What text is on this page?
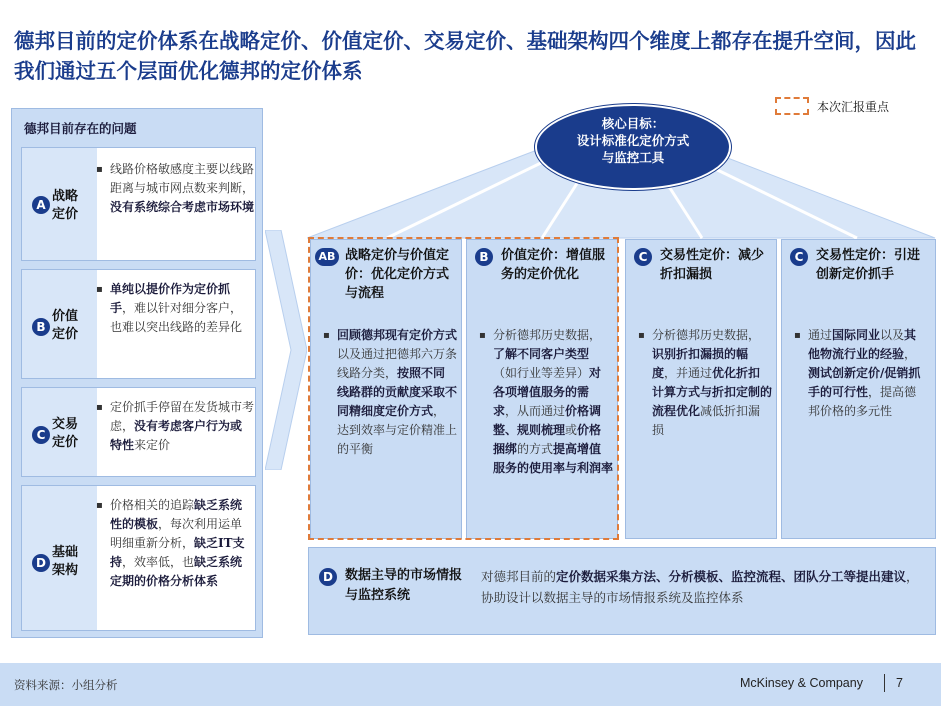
德邦目前的定价体系在战略定价、价值定价、交易定价、基础架构四个维度上都存在提升空间，因此我们通过五个层面优化德邦的定价体系
本次汇报重点
德邦目前存在的问题
A
战略定价
▪ 线路价格敏感度主要以线路距离与城市网点数来判断，没有系统综合考虑市场环境
B
价值定价
▪ 单纯以提价作为定价抓手，难以针对细分客户，也难以突出线路的差异化
C
交易定价
▪ 定价抓手停留在发货城市考虑，没有考虑客户行为或特性来定价
D
基础架构
▪ 价格相关的追踪缺乏系统性的模板，每次利用运单明细重新分析，缺乏IT支持，效率低，也缺乏系统定期的价格分析体系
核心目标：
设计标准化定价方式与监控工具
AB 战略定价与价值定价：优化定价方式与流程
▪ 回顾德邦现有定价方式以及通过把德邦六万条线路分类，按照不同线路群的贡献度采取不同精细度定价方式，达到效率与定价精准上的平衡
B 价值定价：增值服务的定价优化
▪ 分析德邦历史数据，了解不同客户类型（如行业等差异）对各项增值服务的需求，从而通过价格调整、规则梳理或价格捆绑的方式提高增值服务的使用率与利润率
C 交易性定价：减少折扣漏损
▪ 分析德邦历史数据，识别折扣漏损的幅度，并通过优化折扣计算方式与折扣定制的流程优化减低折扣漏损
C 交易性定价：引进创新定价抓手
▪ 通过国际同业以及其他物流行业的经验，测试创新定价/促销抓手的可行性，提高德邦价格的多元性
D 数据主导的市场情报与监控系统
对德邦目前的定价数据采集方法、分析模板、监控流程、团队分工等提出建议，协助设计以数据主导的市场情报系统及监控体系
资料来源：小组分析	McKinsey & Company	7
